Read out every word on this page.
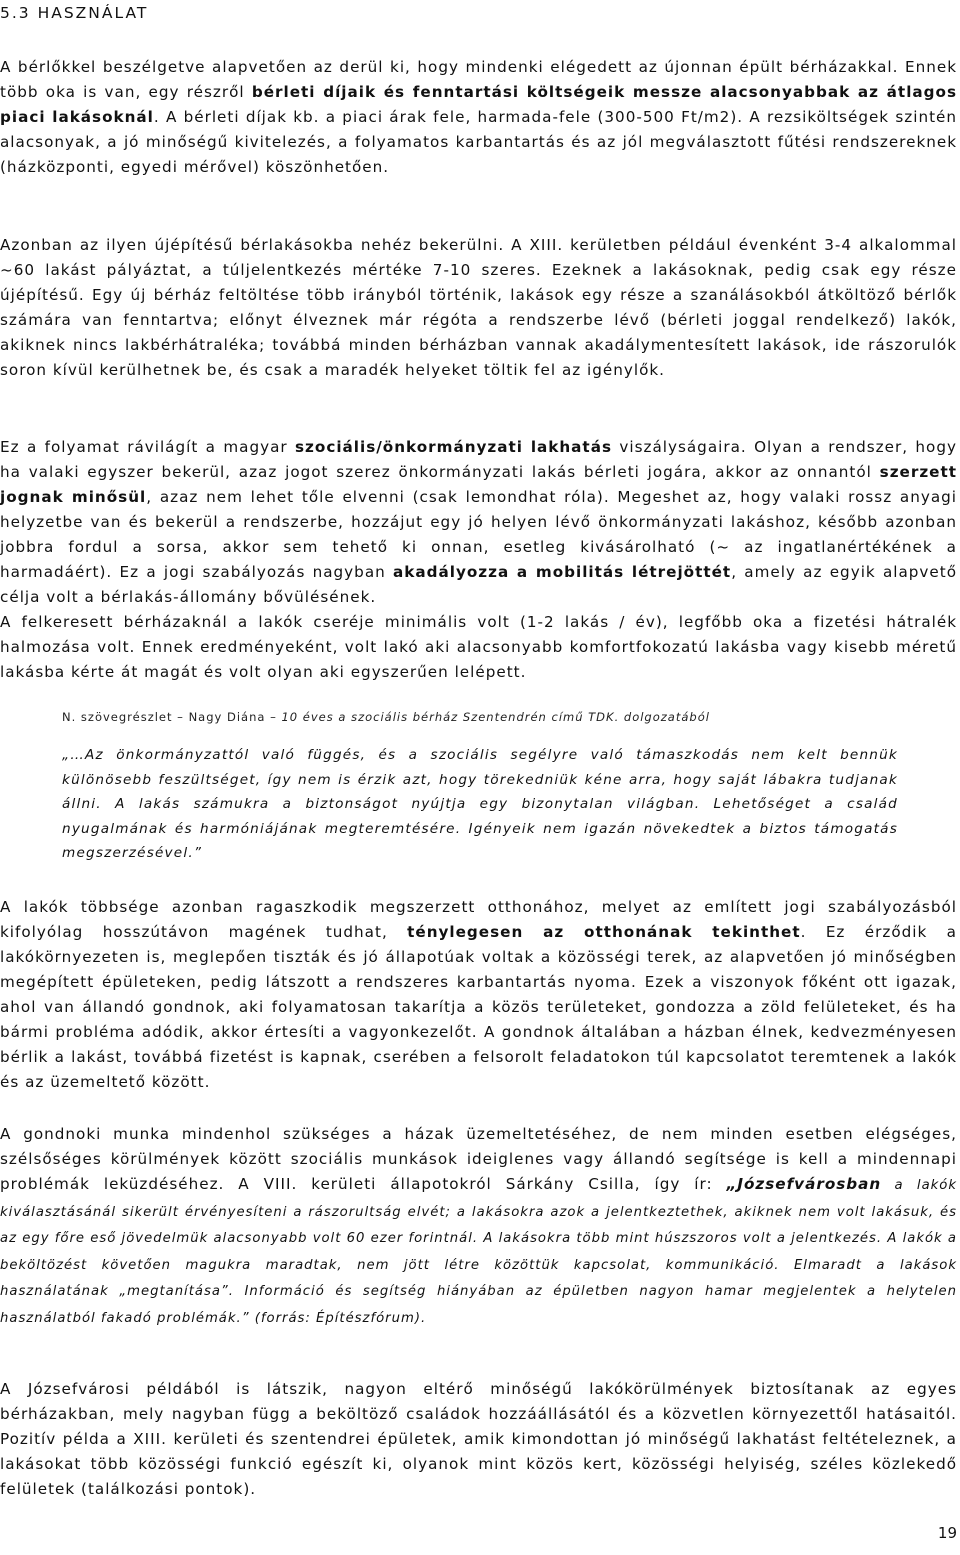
5.3 HASZNÁLAT

A bérlőkkel beszélgetve alapvetően az derül ki, hogy mindenki elégedett az újonnan épült bérházakkal. Ennek több oka is van, egy részről bérleti díjaik és fenntartási költségeik messze alacsonyabbak az átlagos piaci lakásoknál. A bérleti díjak kb. a piaci árak fele, harmada-fele (300-500 Ft/m2). A rezsiköltségek szintén alacsonyak, a jó minőségű kivitelezés, a folyamatos karbantartás és az jól megválasztott fűtési rendszereknek (házközponti, egyedi mérővel) köszönhetően.

Azonban az ilyen újépítésű bérlakásokba nehéz bekerülni. A XIII. kerületben például évenként 3-4 alkalommal ~60 lakást pályáztat, a túljelentkezés mértéke 7-10 szeres. Ezeknek a lakásoknak, pedig csak egy része újépítésű. Egy új bérház feltöltése több irányból történik, lakások egy része a szanálásokból átköltöző bérlők számára van fenntartva; előnyt élveznek már régóta a rendszerbe lévő (bérleti joggal rendelkező) lakók, akiknek nincs lakbérhátraléka; továbbá minden bérházban vannak akadálymentesített lakások, ide rászorulók soron kívül kerülhetnek be, és csak a maradék helyeket töltik fel az igénylők.

Ez a folyamat rávilágít a magyar szociális/önkormányzati lakhatás viszályságaira. Olyan a rendszer, hogy ha valaki egyszer bekerül, azaz jogot szerez önkormányzati lakás bérleti jogára, akkor az onnantól szerzett jognak minősül, azaz nem lehet tőle elvenni (csak lemondhat róla). Megeshet az, hogy valaki rossz anyagi helyzetbe van és bekerül a rendszerbe, hozzájut egy jó helyen lévő önkormányzati lakáshoz, később azonban jobbra fordul a sorsa, akkor sem tehető ki onnan, esetleg kivásárolható (~ az ingatlanértékének a harmadáért). Ez a jogi szabályozás nagyban akadályozza a mobilitás létrejöttét, amely az egyik alapvető célja volt a bérlakás-állomány bővülésének.

A felkeresett bérházaknál a lakók cseréje minimális volt (1-2 lakás / év), legfőbb oka a fizetési hátralék halmozása volt. Ennek eredményeként, volt lakó aki alacsonyabb komfortfokozatú lakásba vagy kisebb méretű lakásba kérte át magát és volt olyan aki egyszerűen lelépett.

N. szövegrészlet – Nagy Diána – 10 éves a szociális bérház Szentendrén című TDK. dolgozatából

„…Az önkormányzattól való függés, és a szociális segélyre való támaszkodás nem kelt bennük különösebb feszültséget, így nem is érzik azt, hogy törekedniük kéne arra, hogy saját lábakra tudjanak állni. A lakás számukra a biztonságot nyújtja egy bizonytalan világban. Lehetőséget a család nyugalmának és harmóniájának megteremtésére. Igényeik nem igazán növekedtek a biztos támogatás megszerzésével.”

A lakók többsége azonban ragaszkodik megszerzett otthonához, melyet az említett jogi szabályozásból kifolyólag hosszútávon magének tudhat, ténylegesen az otthonának tekinthet. Ez érződik a lakókörnyezeten is, meglepően tiszták és jó állapotúak voltak a közösségi terek, az alapvetően jó minőségben megépített épületeken, pedig látszott a rendszeres karbantartás nyoma. Ezek a viszonyok főként ott igazak, ahol van állandó gondnok, aki folyamatosan takarítja a közös területeket, gondozza a zöld felületeket, és ha bármi probléma adódik, akkor értesíti a vagyonkezelőt. A gondnok általában a házban élnek, kedvezményesen bérlik a lakást, továbbá fizetést is kapnak, cserében a felsorolt feladatokon túl kapcsolatot teremtenek a lakók és az üzemeltető között.

A gondnoki munka mindenhol szükséges a házak üzemeltetéséhez, de nem minden esetben elégséges, szélsőséges körülmények között szociális munkások ideiglenes vagy állandó segítsége is kell a mindennapi problémák leküzdéséhez. A VIII. kerületi állapotokról Sárkány Csilla, így ír: „Józsefvárosban a lakók kiválasztásánál sikerült érvényesíteni a rászorultság elvét; a lakásokra azok a jelentkeztethek, akiknek nem volt lakásuk, és az egy főre eső jövedelmük alacsonyabb volt 60 ezer forintnál. A lakásokra több mint húszszoros volt a jelentkezés. A lakók a beköltözést követően magukra maradtak, nem jött létre közöttük kapcsolat, kommunikáció. Elmaradt a lakások használatának „megtanítása”. Információ és segítség hiányában az épületben nagyon hamar megjelentek a helytelen használatból fakadó problémák.” (forrás: Építészfórum).

A Józsefvárosi példából is látszik, nagyon eltérő minőségű lakókörülmények biztosítanak az egyes bérházakban, mely nagyban függ a beköltöző családok hozzáállásától és a közvetlen környezettől hatásaitól. Pozitív példa a XIII. kerületi és szentendrei épületek, amik kimondottan jó minőségű lakhatást feltételeznek, a lakásokat több közösségi funkció egészít ki, olyanok mint közös kert, közösségi helyiség, széles közlekedő felületek (találkozási pontok).

19
